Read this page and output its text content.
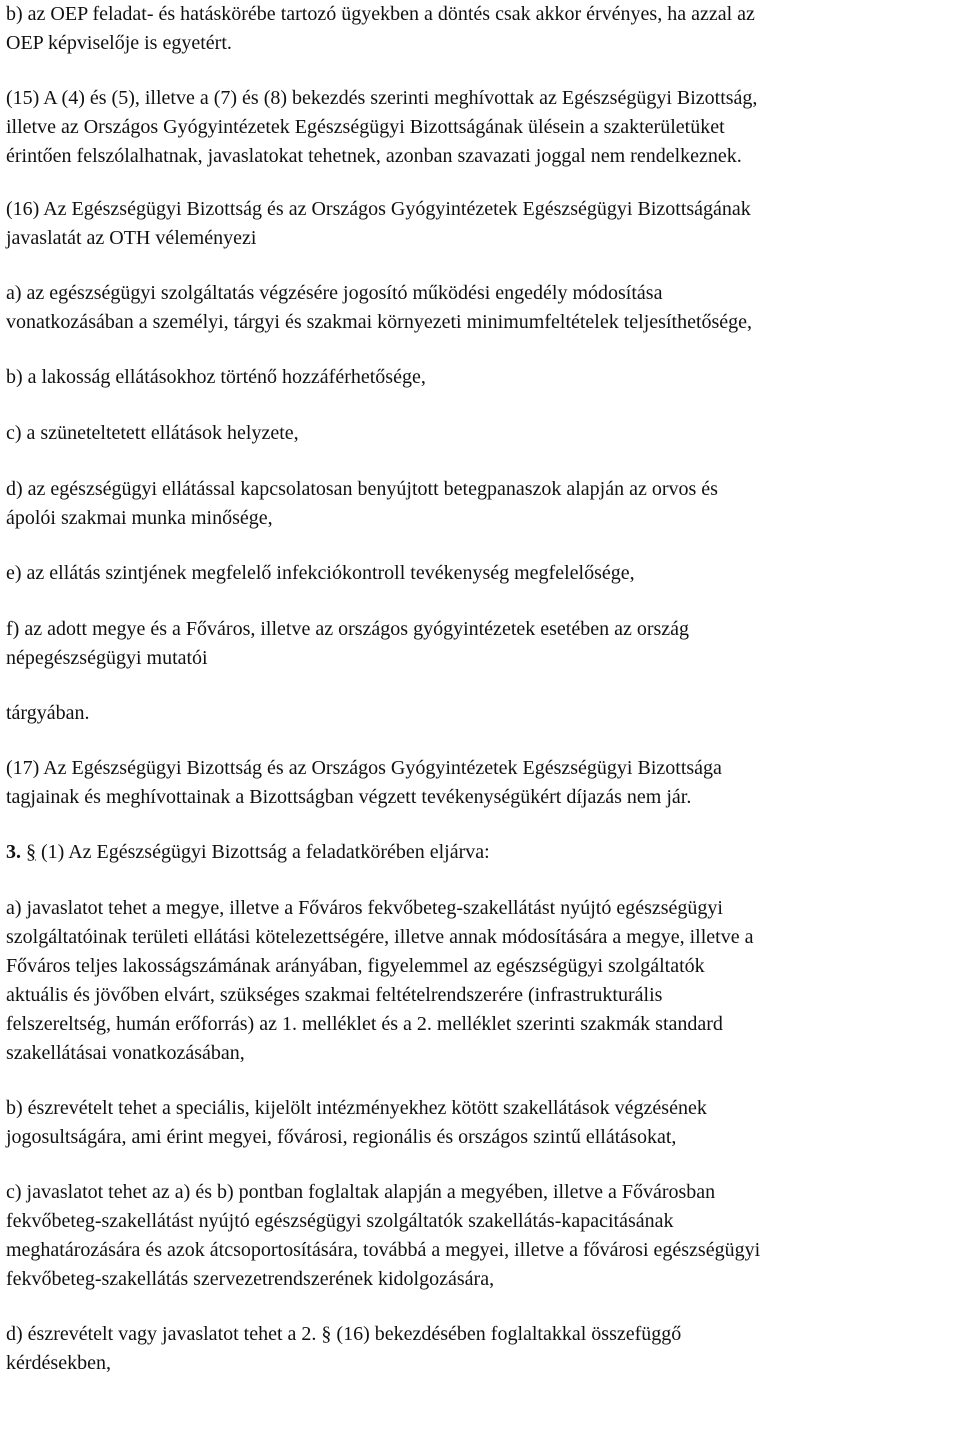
b) az OEP feladat- és hatáskörébe tartozó ügyekben a döntés csak akkor érvényes, ha azzal az
OEP képviselője is egyetért.

(15) A (4) és (5), illetve a (7) és (8) bekezdés szerinti meghívottak az Egészségügyi Bizottság,
illetve az Országos Gyógyintézetek Egészségügyi Bizottságának ülésein a szakterületüket
érintően felszólalhatnak, javaslatokat tehetnek, azonban szavazati joggal nem rendelkeznek.

(16) Az Egészségügyi Bizottság és az Országos Gyógyintézetek Egészségügyi Bizottságának
javaslatát az OTH véleményezi

a) az egészségügyi szolgáltatás végzésére jogosító működési engedély módosítása
vonatkozásában a személyi, tárgyi és szakmai környezeti minimumfeltételek teljesíthetősége,

b) a lakosság ellátásokhoz történő hozzáférhetősége,

c) a szüneteltetett ellátások helyzete,

d) az egészségügyi ellátással kapcsolatosan benyújtott betegpanaszok alapján az orvos és
ápolói szakmai munka minősége,

e) az ellátás szintjének megfelelő infekciókontroll tevékenység megfelelősége,

f) az adott megye és a Főváros, illetve az országos gyógyintézetek esetében az ország
népegészségügyi mutatói

tárgyában.

(17) Az Egészségügyi Bizottság és az Országos Gyógyintézetek Egészségügyi Bizottsága
tagjainak és meghívottainak a Bizottságban végzett tevékenységükért díjazás nem jár.

3. § (1) Az Egészségügyi Bizottság a feladatkörében eljárva:

a) javaslatot tehet a megye, illetve a Főváros fekvőbeteg-szakellátást nyújtó egészségügyi
szolgáltatóinak területi ellátási kötelezettségére, illetve annak módosítására a megye, illetve a
Főváros teljes lakosságszámának arányában, figyelemmel az egészségügyi szolgáltatók
aktuális és jövőben elvárt, szükséges szakmai feltételrendszerére (infrastrukturális
felszereltség, humán erőforrás) az 1. melléklet és a 2. melléklet szerinti szakmák standard
szakellátásai vonatkozásában,

b) észrevételt tehet a speciális, kijelölt intézményekhez kötött szakellátások végzésének
jogosultságára, ami érint megyei, fővárosi, regionális és országos szintű ellátásokat,

c) javaslatot tehet az a) és b) pontban foglaltak alapján a megyében, illetve a Fővárosban
fekvőbeteg-szakellátást nyújtó egészségügyi szolgáltatók szakellátás-kapacitásának
meghatározására és azok átcsoportosítására, továbbá a megyei, illetve a fővárosi egészségügyi
fekvőbeteg-szakellátás szervezetrendszerének kidolgozására,

d) észrevételt vagy javaslatot tehet a 2. § (16) bekezdésében foglaltakkal összefüggő
kérdésekben,
